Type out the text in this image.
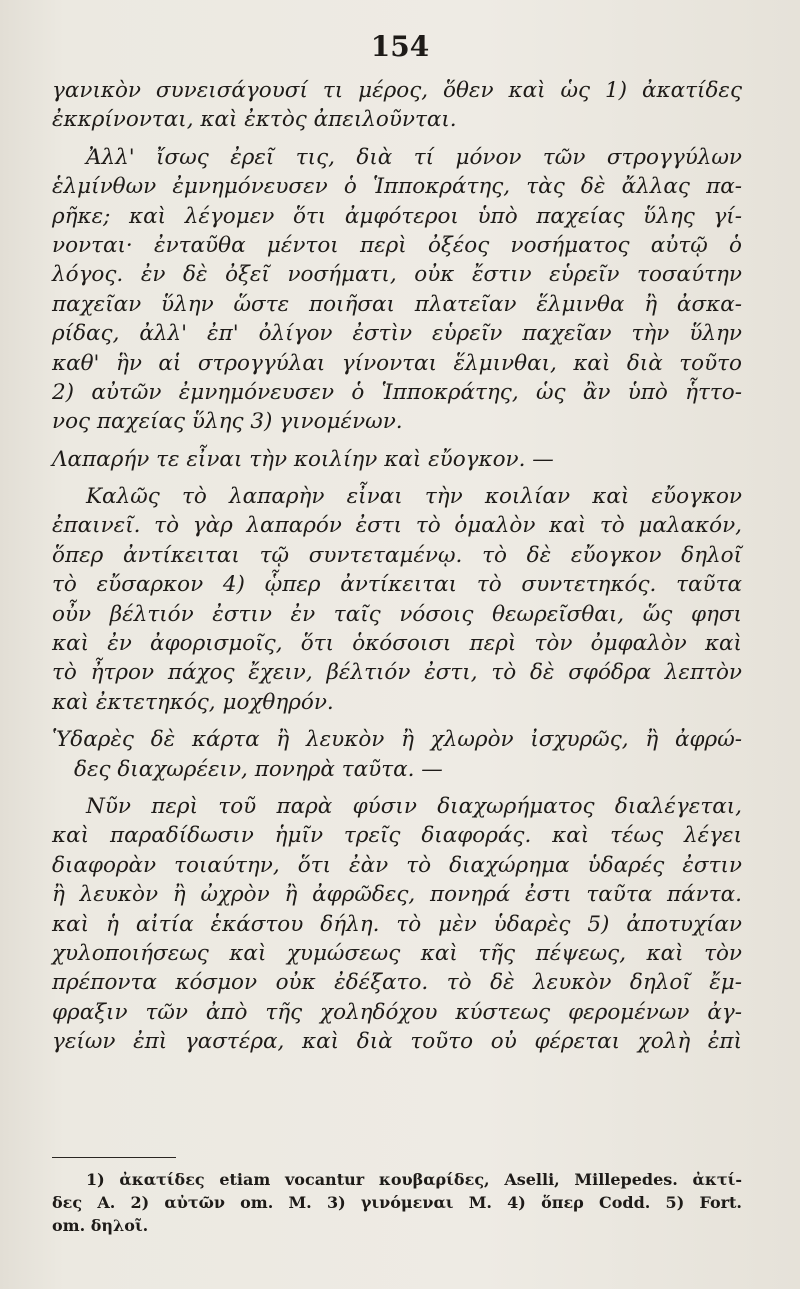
154
γανικὸν συνεισάγουσί τι μέρος, ὅθεν καὶ ὡς 1) ἀκατίδες
ἐκκρίνονται, καὶ ἐκτὸς ἀπειλοῦνται.
Ἀλλ' ἴσως ἐρεῖ τις, διὰ τί μόνον τῶν στρογγύλων
ἑλμίνθων ἐμνημόνευσεν ὁ Ἱπποκράτης, τὰς δὲ ἄλλας πα-
ρῆκε; καὶ λέγομεν ὅτι ἀμφότεροι ὑπὸ παχείας ὕλης γί-
νονται· ἐνταῦθα μέντοι περὶ ὀξέος νοσήματος αὐτῷ ὁ
λόγος. ἐν δὲ ὀξεῖ νοσήματι, οὐκ ἔστιν εὑρεῖν τοσαύτην
παχεῖαν ὕλην ὥστε ποιῆσαι πλατεῖαν ἕλμινθα ἢ ἀσκα-
ρίδας, ἀλλ' ἐπ' ὀλίγον ἐστὶν εὑρεῖν παχεῖαν τὴν ὕλην
καθ' ἣν αἱ στρογγύλαι γίνονται ἕλμινθαι, καὶ διὰ τοῦτο
2) αὐτῶν ἐμνημόνευσεν ὁ Ἱπποκράτης, ὡς ἂν ὑπὸ ἧττο-
νος παχείας ὕλης 3) γινομένων.
Λαπαρήν τε εἶναι τὴν κοιλίην καὶ εὔογκον. —
Καλῶς τὸ λαπαρὴν εἶναι τὴν κοιλίαν καὶ εὔογκον
ἐπαινεῖ. τὸ γὰρ λαπαρόν ἐστι τὸ ὁμαλὸν καὶ τὸ μαλακόν,
ὅπερ ἀντίκειται τῷ συντεταμένῳ. τὸ δὲ εὔογκον δηλοῖ
τὸ εὔσαρκον 4) ᾧπερ ἀντίκειται τὸ συντετηκός. ταῦτα
οὖν βέλτιόν ἐστιν ἐν ταῖς νόσοις θεωρεῖσθαι, ὥς φησι
καὶ ἐν ἀφορισμοῖς, ὅτι ὁκόσοισι περὶ τὸν ὀμφαλὸν καὶ
τὸ ἦτρον πάχος ἔχειν, βέλτιόν ἐστι, τὸ δὲ σφόδρα λεπτὸν
καὶ ἐκτετηκός, μοχθηρόν.
Ὑδαρὲς δὲ κάρτα ἢ λευκὸν ἢ χλωρὸν ἰσχυρῶς, ἢ ἀφρώ-
δες διαχωρέειν, πονηρὰ ταῦτα. —
Νῦν περὶ τοῦ παρὰ φύσιν διαχωρήματος διαλέγεται,
καὶ παραδίδωσιν ἡμῖν τρεῖς διαφοράς. καὶ τέως λέγει
διαφορὰν τοιαύτην, ὅτι ἐὰν τὸ διαχώρημα ὑδαρές ἐστιν
ἢ λευκὸν ἢ ὠχρὸν ἢ ἀφρῶδες, πονηρά ἐστι ταῦτα πάντα.
καὶ ἡ αἰτία ἑκάστου δήλη. τὸ μὲν ὑδαρὲς 5) ἀποτυχίαν
χυλοποιήσεως καὶ χυμώσεως καὶ τῆς πέψεως, καὶ τὸν
πρέποντα κόσμον οὐκ ἐδέξατο. τὸ δὲ λευκὸν δηλοῖ ἔμ-
φραξιν τῶν ἀπὸ τῆς χοληδόχου κύστεως φερομένων ἀγ-
γείων ἐπὶ γαστέρα, καὶ διὰ τοῦτο οὐ φέρεται χολὴ ἐπὶ
1) ἀκατίδες etiam vocantur κουβαρίδες, Aselli, Millepedes. ἀκτί-
δες A. 2) αὐτῶν om. M. 3) γινόμεναι M. 4) ὅπερ Codd. 5) Fort.
om. δηλοῖ.
